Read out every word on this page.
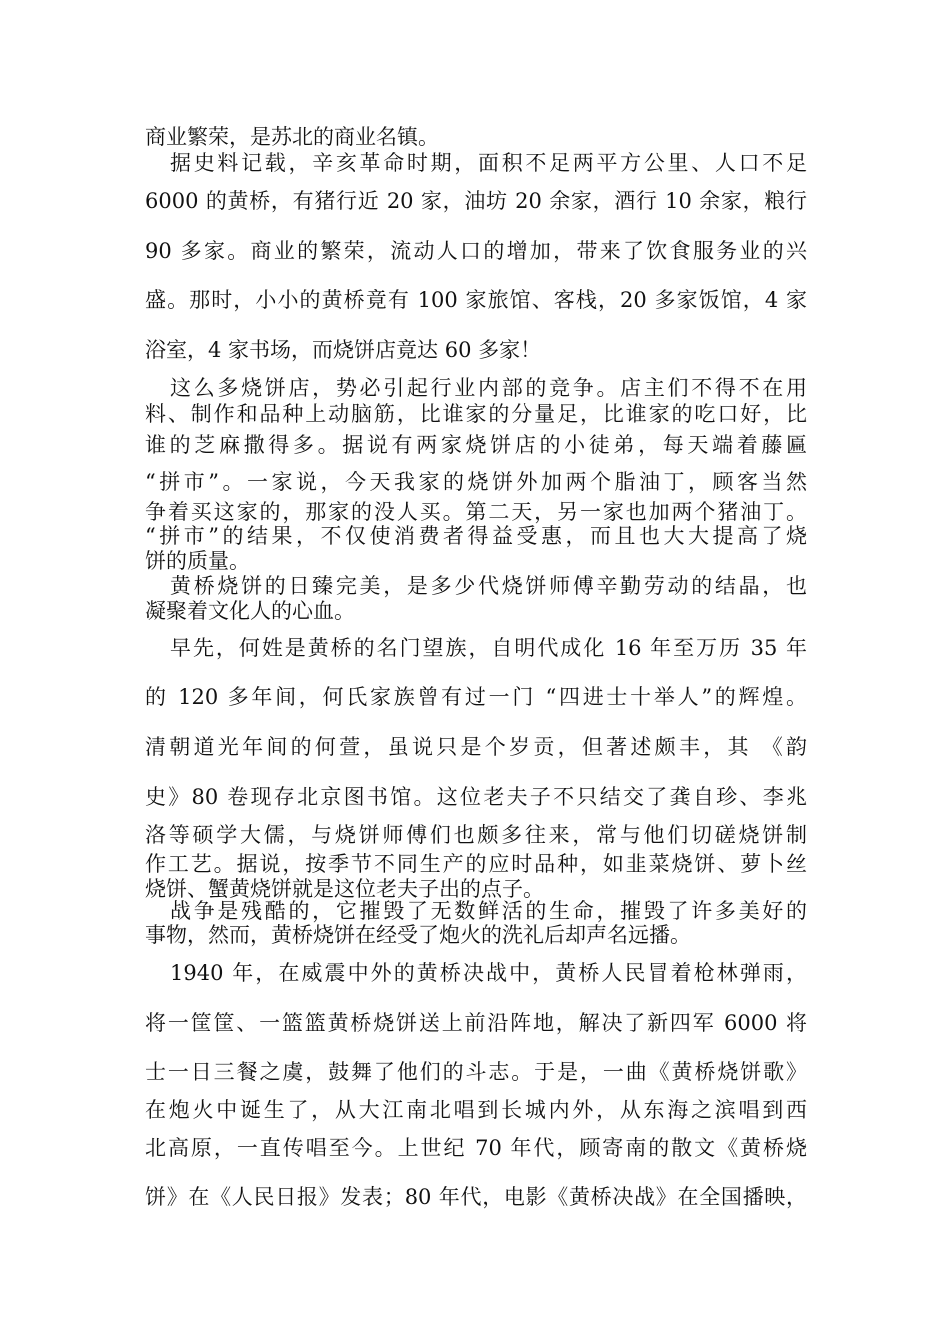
商业繁荣，是苏北的商业名镇。
据史料记载，辛亥革命时期，面积不足两平方公里、人口不足
6000 的黄桥，有猪行近 20 家，油坊 20 余家，酒行 10 余家，粮行
90 多家。商业的繁荣，流动人口的增加，带来了饮食服务业的兴
盛。那时，小小的黄桥竟有 100 家旅馆、客栈，20 多家饭馆，4 家
浴室，4 家书场，而烧饼店竟达 60 多家！
这么多烧饼店，势必引起行业内部的竞争。店主们不得不在用
料、制作和品种上动脑筋，比谁家的分量足，比谁家的吃口好，比
谁的芝麻撒得多。据说有两家烧饼店的小徒弟，每天端着藤匾
“拼市”。一家说，今天我家的烧饼外加两个脂油丁，顾客当然
争着买这家的，那家的没人买。第二天，另一家也加两个猪油丁。
“拼市”的结果，不仅使消费者得益受惠，而且也大大提高了烧
饼的质量。
黄桥烧饼的日臻完美，是多少代烧饼师傅辛勤劳动的结晶，也
凝聚着文化人的心血。
早先，何姓是黄桥的名门望族，自明代成化 16 年至万历 35 年
的 120 多年间，何氏家族曾有过一门 “四进士十举人”的辉煌。
清朝道光年间的何萱，虽说只是个岁贡，但著述颇丰，其 《韵
史》80 卷现存北京图书馆。这位老夫子不只结交了龚自珍、李兆
洛等硕学大儒，与烧饼师傅们也颇多往来，常与他们切磋烧饼制
作工艺。据说，按季节不同生产的应时品种，如韭菜烧饼、萝卜丝
烧饼、蟹黄烧饼就是这位老夫子出的点子。
战争是残酷的，它摧毁了无数鲜活的生命，摧毁了许多美好的
事物，然而，黄桥烧饼在经受了炮火的洗礼后却声名远播。
1940 年，在威震中外的黄桥决战中，黄桥人民冒着枪林弹雨，
将一筐筐、一篮篮黄桥烧饼送上前沿阵地，解决了新四军 6000 将
士一日三餐之虞，鼓舞了他们的斗志。于是，一曲《黄桥烧饼歌》
在炮火中诞生了，从大江南北唱到长城内外，从东海之滨唱到西
北高原，一直传唱至今。上世纪 70 年代，顾寄南的散文《黄桥烧
饼》在《人民日报》发表；80 年代，电影《黄桥决战》在全国播映，
